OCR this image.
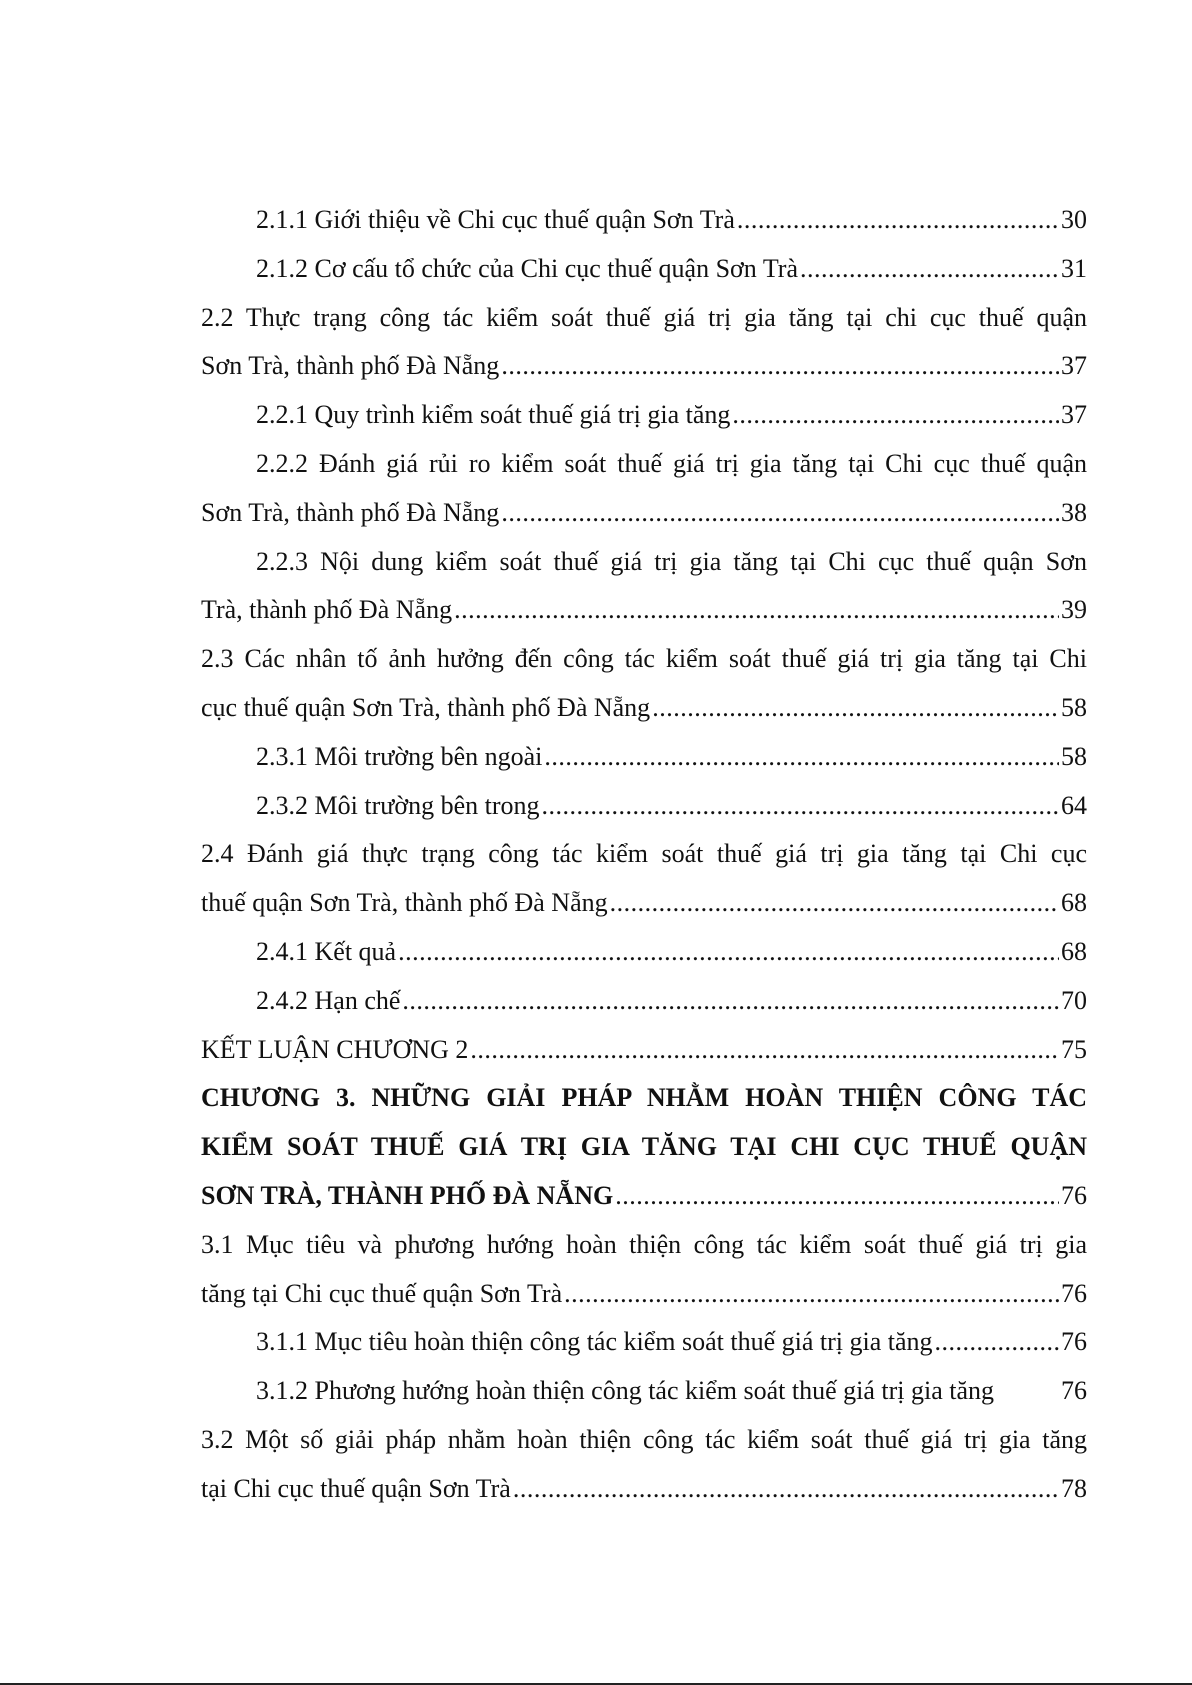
2.1.1 Giới thiệu về Chi cục thuế quận Sơn Trà .....	30
2.1.2 Cơ cấu tổ chức của Chi cục thuế quận Sơn Trà .....	31
2.2 Thực trạng công tác kiểm soát thuế giá trị gia tăng tại chi cục thuế quận
Sơn Trà, thành phố Đà Nẵng .....	37
2.2.1 Quy trình kiểm soát thuế giá trị gia tăng .....	37
2.2.2 Đánh giá rủi ro kiểm soát thuế giá trị gia tăng tại Chi cục thuế quận
Sơn Trà, thành phố Đà Nẵng .....	38
2.2.3 Nội dung kiểm soát thuế giá trị gia tăng tại Chi cục thuế quận Sơn
Trà, thành phố Đà Nẵng .....	39
2.3 Các nhân tố ảnh hưởng đến công tác kiểm soát thuế giá trị gia tăng tại Chi
cục thuế quận Sơn Trà, thành phố Đà Nẵng .....	58
2.3.1 Môi trường bên ngoài .....	58
2.3.2 Môi trường bên trong .....	64
2.4 Đánh giá thực trạng công tác kiểm soát thuế giá trị gia tăng tại Chi cục
thuế quận Sơn Trà, thành phố Đà Nẵng .....	68
2.4.1 Kết quả .....	68
2.4.2 Hạn chế .....	70
KẾT LUẬN CHƯƠNG 2 .....	75
CHƯƠNG 3. NHỮNG GIẢI PHÁP NHẰM HOÀN THIỆN CÔNG TÁC
KIỂM SOÁT THUẾ GIÁ TRỊ GIA TĂNG TẠI CHI CỤC THUẾ QUẬN
SƠN TRÀ, THÀNH PHỐ ĐÀ NẴNG .....	76
3.1 Mục tiêu và phương hướng hoàn thiện công tác kiểm soát thuế giá trị gia
tăng tại Chi cục thuế quận Sơn Trà .....	76
3.1.1 Mục tiêu hoàn thiện công tác kiểm soát thuế giá trị gia tăng .....	76
3.1.2 Phương hướng hoàn thiện công tác kiểm soát thuế giá trị gia tăng	76
3.2 Một số giải pháp nhằm hoàn thiện công tác kiểm soát thuế giá trị gia tăng
tại Chi cục thuế quận Sơn Trà .....	78
